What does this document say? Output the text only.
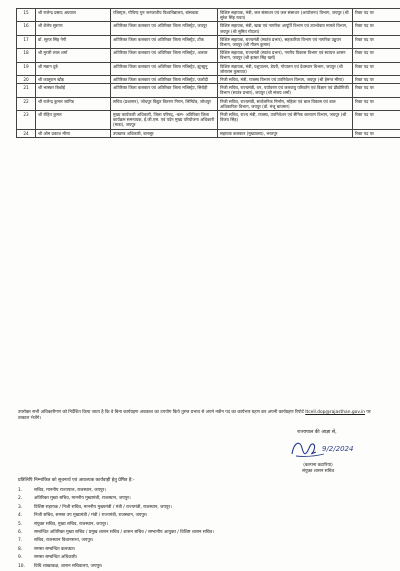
15	श्री राजेन्द्र प्रसाद अग्रवाल	रजिस्ट्रार, गोविन्द गुरु जनजातीय विश्वविद्यालय, बांसवाडा	विशिष्ट सहायक, मंत्री, जल संसाधन एवं जल संसाधन (आयोजना) विभाग, जयपुर (श्री सुरेश सिंह रावत)	रिक्त पद पर
16	श्री शैलेष सुराणा	अतिरिक्त जिला कलक्टर एवं अतिरिक्त जिला मजिस्ट्रेट, जयपुर	विशिष्ट सहायक, मंत्री, खाद्य एवं नागरिक आपूर्ति विभाग एवं उपभोक्ता मामले विभाग, जयपुर (श्री सुमित गोदारा)	रिक्त पद पर
17	डॉ. सूरज सिंह नेगी	अतिरिक्त जिला कलक्टर एवं अतिरिक्त जिला मजिस्ट्रेट, टोंक	विशिष्ट सहायक, राज्यमंत्री (स्वतंत्र प्रभार), सहकारिता विभाग एवं नागरिक उड्डयन विभाग, जयपुर (श्री गौतम कुमार)	रिक्त पद पर
18	श्री मुरारी लाल शर्मा	अतिरिक्त जिला कलक्टर एवं अतिरिक्त जिला मजिस्ट्रेट, अलवर	विशिष्ट सहायक, राज्यमंत्री (स्वतंत्र प्रभार), नगरीय विकास विभाग एवं स्वायत्त शासन विभाग, जयपुर (श्री झाबर सिंह खर्रा)	रिक्त पद पर
19	श्री मन्नान दुबे	अतिरिक्त जिला कलक्टर एवं अतिरिक्त जिला मजिस्ट्रेट, झुन्झुनू	विशिष्ट सहायक, मंत्री, पशुपालन, डेयरी, गोपालन एवं देवस्थान विभाग, जयपुर (श्री जोराराम कुमावत)	रिक्त पद पर
20	श्री कालूराम खौड़	अतिरिक्त जिला कलक्टर एवं अतिरिक्त जिला मजिस्ट्रेट, फलोदी	निजी सचिव, मंत्री, राजस्व विभाग एवं उपनिवेशन विभाग, जयपुर (श्री हेमन्त मीणा)	रिक्त पद पर
21	श्री भास्कर बिश्नोई	अतिरिक्त जिला कलक्टर एवं अतिरिक्त जिला मजिस्ट्रेट, सिरोही	निजी सचिव, राज्यमंत्री, वन, पर्यावरण एवं जलवायु परिवर्तन एवं विज्ञान एवं प्रौद्योगिकी विभाग (स्वतंत्र प्रभार), जयपुर (श्री संजय शर्मा)	रिक्त पद पर
22	श्री राजेन्द्र कुमार जांगिड	सचिव (प्रशासन), जोधपुर विद्युत वितरण निगम, लिमिटेड, जोधपुर	निजी सचिव, राज्यमंत्री, सार्वजनिक निर्माण, महिला एवं बाल विकास एवं बाल अधिकारिता विभाग, जयपुर (डॉ. मंजू बाघमार)	रिक्त पद पर
23	श्री रोहित कुमार	मुख्य कार्यकारी अधिकारी, जिला परिषद्, -कम- अतिरिक्त जिला कार्यक्रम समन्वयक, ई.जी.एस. एवं पदेन मुख्य परियोजना अधिकारी (माडा), जयपुर	निजी सचिव, राज्य मंत्री, राजस्व, उपनिवेशन एवं सैनिक कल्याण विभाग, जयपुर (श्री विजय सिंह)	रिक्त पद पर
24	श्री ओम प्रकाश मीणा	उपखण्ड अधिकारी, बानसूर	सहायक कलक्टर (मुख्यालय), भरतपुर	रिक्त पद पर

उपरोक्त सभी अधिकारीगण को निर्देशित किया जाता है कि वे बिना कार्यग्रहण अवकाश का उपयोग किये तुरन्त प्रभाव से अपने नवीन पद का कार्यभार ग्रहण कर अपनी कार्यग्रहण रिपोर्ट Itcell.dop@rajasthan.gov.in पर तत्काल भेजेंगे।

राज्यपाल की आज्ञा से,
9/2/2024
(कल्पना कटारिया)
संयुक्त शासन सचिव
प्रतिलिपि निम्नांकित को सूचनार्थ एवं आवश्यक कार्यवाही हेतु प्रेषित है:-
1.	सचिव, माननीय राज्यपाल, राजस्थान, जयपुर।
2.	अतिरिक्त मुख्य सचिव, माननीय मुख्यमंत्री, राजस्थान, जयपुर।
3.	विशिष्ट सहायक / निजी सचिव, माननीय मुख्यमंत्री / मंत्री / राज्यमंत्री, राजस्थान, जयपुर।
4.	निजी सचिव, समस्त उप मुख्यमंत्री / मंत्री / राज्यमंत्री, राजस्थान, जयपुर।
5.	संयुक्त सचिव, मुख्य सचिव, राजस्थान, जयपुर।
6.	सम्बन्धित अतिरिक्त मुख्य सचिव / प्रमुख शासन सचिव / शासन सचिव / सम्भागीय आयुक्त / विशिष्ट शासन सचिव।
7.	सचिव, राजस्थान विधानसभा, जयपुर।
8.	समस्त सम्बन्धित कलक्टर।
9.	समस्त सम्बन्धित अधिकारी।
10. विधि शाखाकक्ष, शासन सचिवालय, जयपुर।
